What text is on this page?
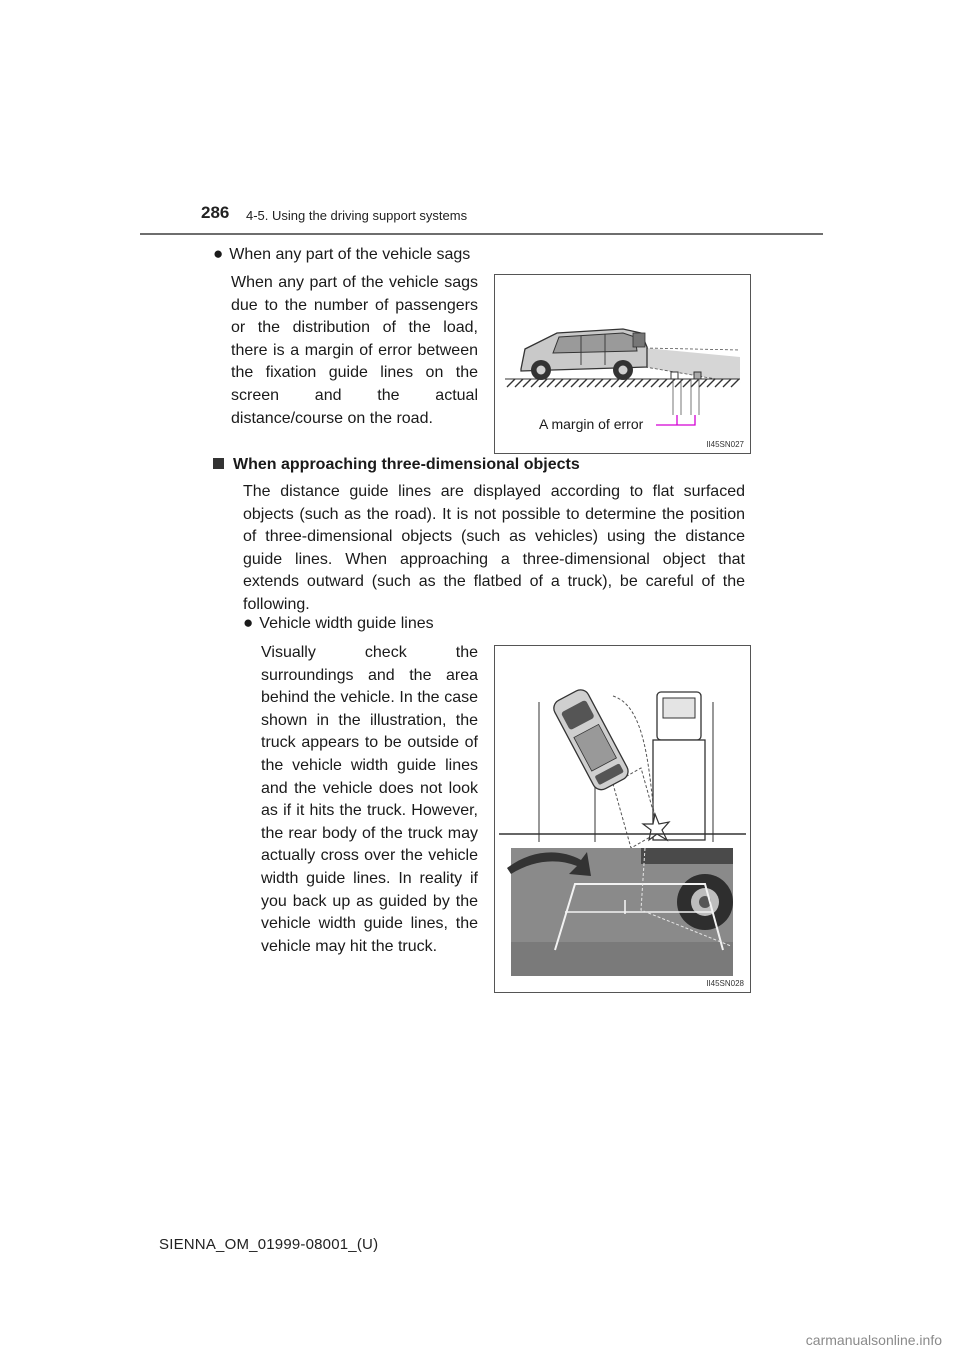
286 4-5. Using the driving support systems
● When any part of the vehicle sags
When any part of the vehicle sags due to the number of passengers or the distribution of the load, there is a margin of error between the fixation guide lines on the screen and the actual distance/course on the road.	A margin of error
II45SN027
When approaching three-dimensional objects
The distance guide lines are displayed according to flat surfaced objects (such as the road). It is not possible to determine the position of three-dimensional objects (such as vehicles) using the distance guide lines. When approaching a three-dimensional object that extends outward (such as the flatbed of a truck), be careful of the following.
● Vehicle width guide lines
Visually check the surroundings and the area behind the vehicle. In the case shown in the illustration, the truck appears to be outside of the vehicle width guide lines and the vehicle does not look as if it hits the truck. However, the rear body of the truck may actually cross over the vehicle width guide lines. In reality if you back up as guided by the vehicle width guide lines, the vehicle may hit the truck.
II45SN028
SIENNA_OM_01999-08001_(U)
carmanualsonline.info
